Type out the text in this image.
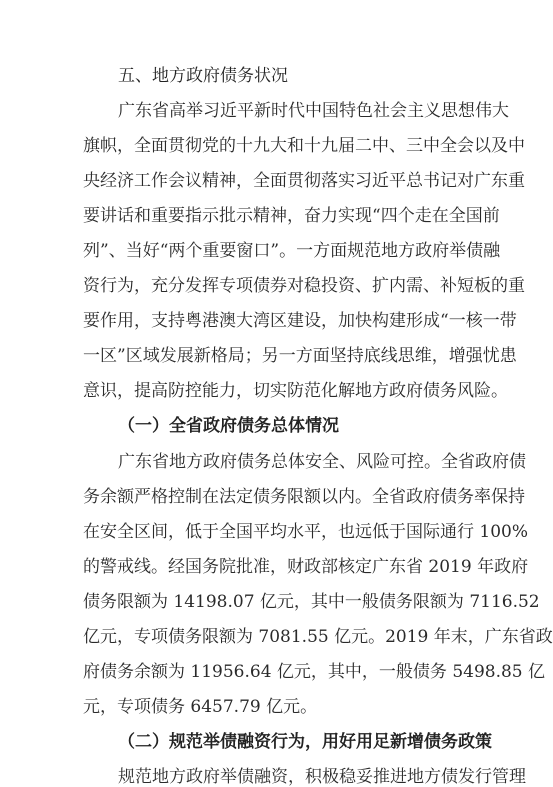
五、地方政府债务状况
广东省高举习近平新时代中国特色社会主义思想伟大
旗帜，全面贯彻党的十九大和十九届二中、三中全会以及中
央经济工作会议精神，全面贯彻落实习近平总书记对广东重
要讲话和重要指示批示精神，奋力实现“四个走在全国前
列”、当好“两个重要窗口”。一方面规范地方政府举债融
资行为，充分发挥专项债券对稳投资、扩内需、补短板的重
要作用，支持粤港澳大湾区建设，加快构建形成“一核一带
一区”区域发展新格局；另一方面坚持底线思维，增强忧患
意识，提高防控能力，切实防范化解地方政府债务风险。
（一）全省政府债务总体情况
广东省地方政府债务总体安全、风险可控。全省政府债
务余额严格控制在法定债务限额以内。全省政府债务率保持
在安全区间，低于全国平均水平，也远低于国际通行 100%
的警戒线。经国务院批准，财政部核定广东省 2019 年政府
债务限额为 14198.07 亿元，其中一般债务限额为 7116.52
亿元，专项债务限额为 7081.55 亿元。2019 年末，广东省政
府债务余额为 11956.64 亿元，其中，一般债务 5498.85 亿
元，专项债务 6457.79 亿元。
（二）规范举债融资行为，用好用足新增债务政策
规范地方政府举债融资，积极稳妥推进地方债发行管理
